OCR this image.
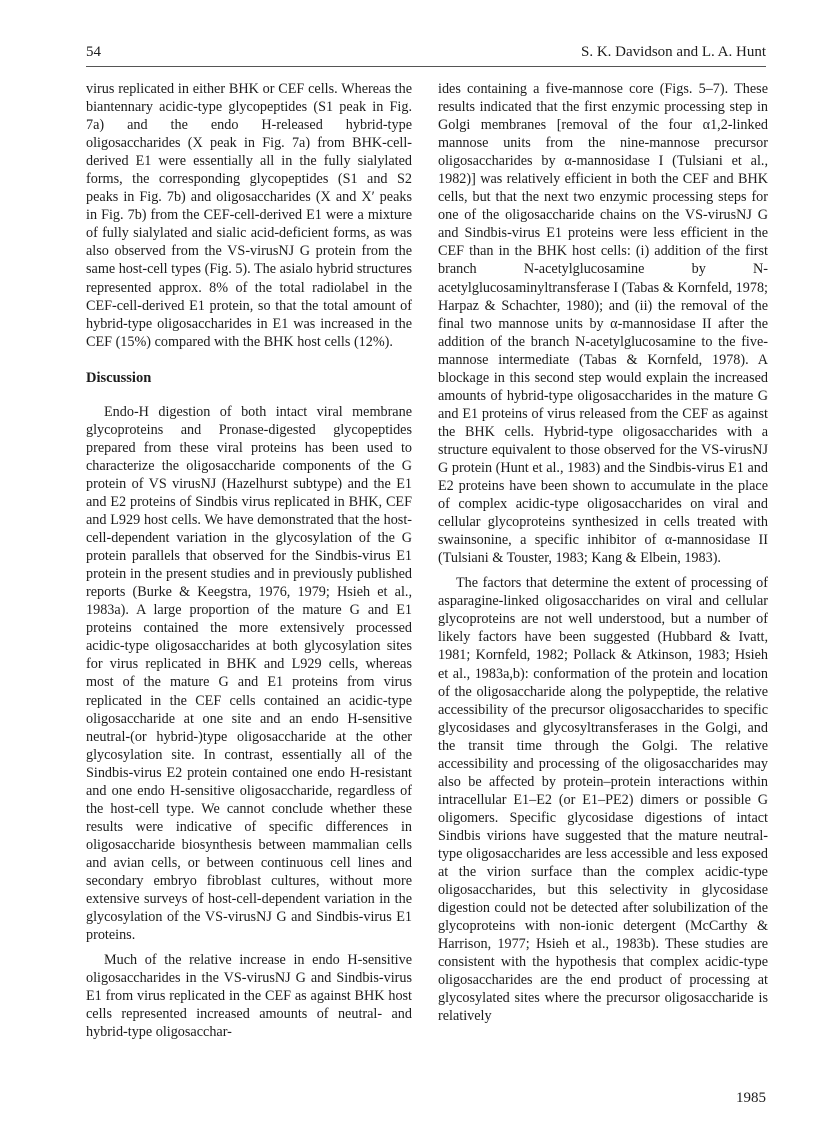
54	S. K. Davidson and L. A. Hunt

virus replicated in either BHK or CEF cells. Whereas the biantennary acidic-type glycopeptides (S1 peak in Fig. 7a) and the endo H-released hybrid-type oligosaccharides (X peak in Fig. 7a) from BHK-cell-derived E1 were essentially all in the fully sialylated forms, the corresponding glycopeptides (S1 and S2 peaks in Fig. 7b) and oligosaccharides (X and X′ peaks in Fig. 7b) from the CEF-cell-derived E1 were a mixture of fully sialylated and sialic acid-deficient forms, as was also observed from the VS-virusNJ G protein from the same host-cell types (Fig. 5). The asialo hybrid structures represented approx. 8% of the total radiolabel in the CEF-cell-derived E1 protein, so that the total amount of hybrid-type oligosaccharides in E1 was increased in the CEF (15%) compared with the BHK host cells (12%).

Discussion

Endo-H digestion of both intact viral membrane glycoproteins and Pronase-digested glycopeptides prepared from these viral proteins has been used to characterize the oligosaccharide components of the G protein of VS virusNJ (Hazelhurst subtype) and the E1 and E2 proteins of Sindbis virus replicated in BHK, CEF and L929 host cells. We have demonstrated that the host-cell-dependent variation in the glycosylation of the G protein parallels that observed for the Sindbis-virus E1 protein in the present studies and in previously published reports (Burke & Keegstra, 1976, 1979; Hsieh et al., 1983a). A large proportion of the mature G and E1 proteins contained the more extensively processed acidic-type oligosaccharides at both glycosylation sites for virus replicated in BHK and L929 cells, whereas most of the mature G and E1 proteins from virus replicated in the CEF cells contained an acidic-type oligosaccharide at one site and an endo H-sensitive neutral-(or hybrid-)type oligosaccharide at the other glycosylation site. In contrast, essentially all of the Sindbis-virus E2 protein contained one endo H-resistant and one endo H-sensitive oligosaccharide, regardless of the host-cell type. We cannot conclude whether these results were indicative of specific differences in oligosaccharide biosynthesis between mammalian cells and avian cells, or between continuous cell lines and secondary embryo fibroblast cultures, without more extensive surveys of host-cell-dependent variation in the glycosylation of the VS-virusNJ G and Sindbis-virus E1 proteins.

Much of the relative increase in endo H-sensitive oligosaccharides in the VS-virusNJ G and Sindbis-virus E1 from virus replicated in the CEF as against BHK host cells represented increased amounts of neutral- and hybrid-type oligosacchar-

ides containing a five-mannose core (Figs. 5–7). These results indicated that the first enzymic processing step in Golgi membranes [removal of the four α1,2-linked mannose units from the nine-mannose precursor oligosaccharides by α-mannosidase I (Tulsiani et al., 1982)] was relatively efficient in both the CEF and BHK cells, but that the next two enzymic processing steps for one of the oligosaccharide chains on the VS-virusNJ G and Sindbis-virus E1 proteins were less efficient in the CEF than in the BHK host cells: (i) addition of the first branch N-acetylglucosamine by N-acetylglucosaminyltransferase I (Tabas & Kornfeld, 1978; Harpaz & Schachter, 1980); and (ii) the removal of the final two mannose units by α-mannosidase II after the addition of the branch N-acetylglucosamine to the five-mannose intermediate (Tabas & Kornfeld, 1978). A blockage in this second step would explain the increased amounts of hybrid-type oligosaccharides in the mature G and E1 proteins of virus released from the CEF as against the BHK cells. Hybrid-type oligosaccharides with a structure equivalent to those observed for the VS-virusNJ G protein (Hunt et al., 1983) and the Sindbis-virus E1 and E2 proteins have been shown to accumulate in the place of complex acidic-type oligosaccharides on viral and cellular glycoproteins synthesized in cells treated with swainsonine, a specific inhibitor of α-mannosidase II (Tulsiani & Touster, 1983; Kang & Elbein, 1983).

The factors that determine the extent of processing of asparagine-linked oligosaccharides on viral and cellular glycoproteins are not well understood, but a number of likely factors have been suggested (Hubbard & Ivatt, 1981; Kornfeld, 1982; Pollack & Atkinson, 1983; Hsieh et al., 1983a,b): conformation of the protein and location of the oligosaccharide along the polypeptide, the relative accessibility of the precursor oligosaccharides to specific glycosidases and glycosyltransferases in the Golgi, and the transit time through the Golgi. The relative accessibility and processing of the oligosaccharides may also be affected by protein–protein interactions within intracellular E1–E2 (or E1–PE2) dimers or possible G oligomers. Specific glycosidase digestions of intact Sindbis virions have suggested that the mature neutral-type oligosaccharides are less accessible and less exposed at the virion surface than the complex acidic-type oligosaccharides, but this selectivity in glycosidase digestion could not be detected after solubilization of the glycoproteins with non-ionic detergent (McCarthy & Harrison, 1977; Hsieh et al., 1983b). These studies are consistent with the hypothesis that complex acidic-type oligosaccharides are the end product of processing at glycosylated sites where the precursor oligosaccharide is relatively

1985
